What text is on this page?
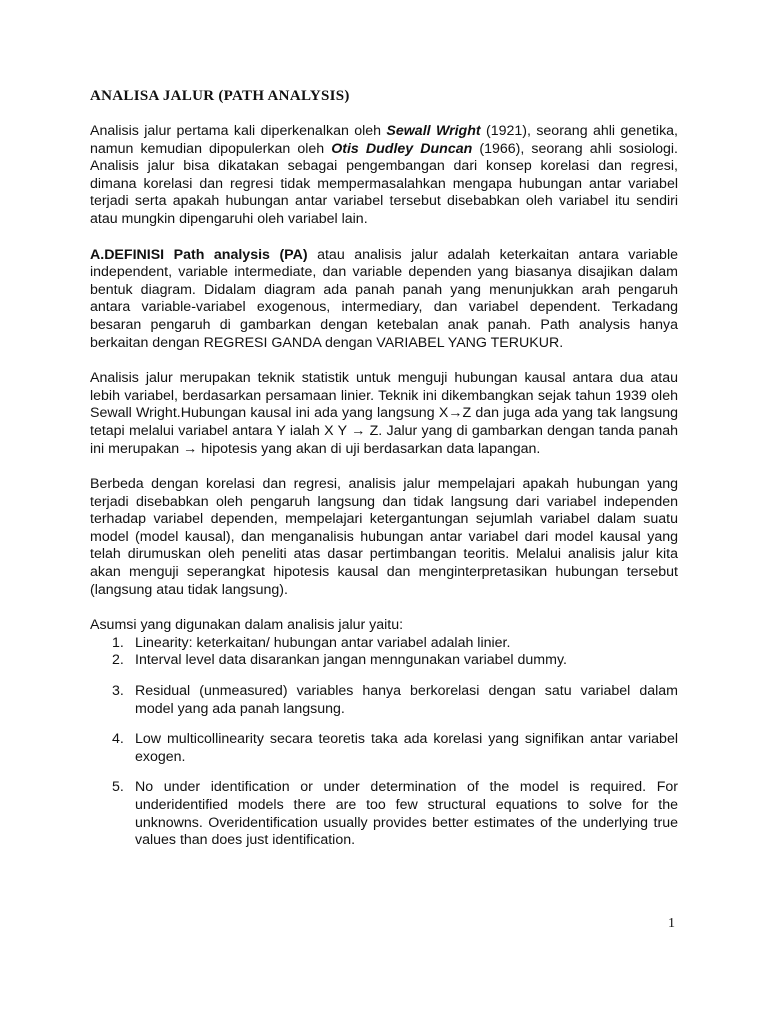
ANALISA JALUR (PATH ANALYSIS)

Analisis jalur pertama kali diperkenalkan oleh Sewall Wright (1921), seorang ahli genetika, namun kemudian dipopulerkan oleh Otis Dudley Duncan (1966), seorang ahli sosiologi. Analisis jalur bisa dikatakan sebagai pengembangan dari konsep korelasi dan regresi, dimana korelasi dan regresi tidak mempermasalahkan mengapa hubungan antar variabel terjadi serta apakah hubungan antar variabel tersebut disebabkan oleh variabel itu sendiri atau mungkin dipengaruhi oleh variabel lain.

A.DEFINISI Path analysis (PA) atau analisis jalur adalah keterkaitan antara variable independent, variable intermediate, dan variable dependen yang biasanya disajikan dalam bentuk diagram. Didalam diagram ada panah panah yang menunjukkan arah pengaruh antara variable-variabel exogenous, intermediary, dan variabel dependent. Terkadang besaran pengaruh di gambarkan dengan ketebalan anak panah. Path analysis hanya berkaitan dengan REGRESI GANDA dengan VARIABEL YANG TERUKUR.

Analisis jalur merupakan teknik statistik untuk menguji hubungan kausal antara dua atau lebih variabel, berdasarkan persamaan linier. Teknik ini dikembangkan sejak tahun 1939 oleh Sewall Wright.Hubungan kausal ini ada yang langsung X→Z dan juga ada yang tak langsung tetapi melalui variabel antara Y ialah X Y → Z. Jalur yang di gambarkan dengan tanda panah ini merupakan → hipotesis yang akan di uji berdasarkan data lapangan.

Berbeda dengan korelasi dan regresi, analisis jalur mempelajari apakah hubungan yang terjadi disebabkan oleh pengaruh langsung dan tidak langsung dari variabel independen terhadap variabel dependen, mempelajari ketergantungan sejumlah variabel dalam suatu model (model kausal), dan menganalisis hubungan antar variabel dari model kausal yang telah dirumuskan oleh peneliti atas dasar pertimbangan teoritis. Melalui analisis jalur kita akan menguji seperangkat hipotesis kausal dan menginterpretasikan hubungan tersebut (langsung atau tidak langsung).

Asumsi yang digunakan dalam analisis jalur yaitu:

1. Linearity: keterkaitan/ hubungan antar variabel adalah linier.
2. Interval level data disarankan jangan menngunakan variabel dummy.
3. Residual (unmeasured) variables hanya berkorelasi dengan satu variabel dalam model yang ada panah langsung.
4. Low multicollinearity secara teoretis taka ada korelasi yang signifikan antar variabel exogen.
5. No under identification or under determination of the model is required. For underidentified models there are too few structural equations to solve for the unknowns. Overidentification usually provides better estimates of the underlying true values than does just identification.
1
